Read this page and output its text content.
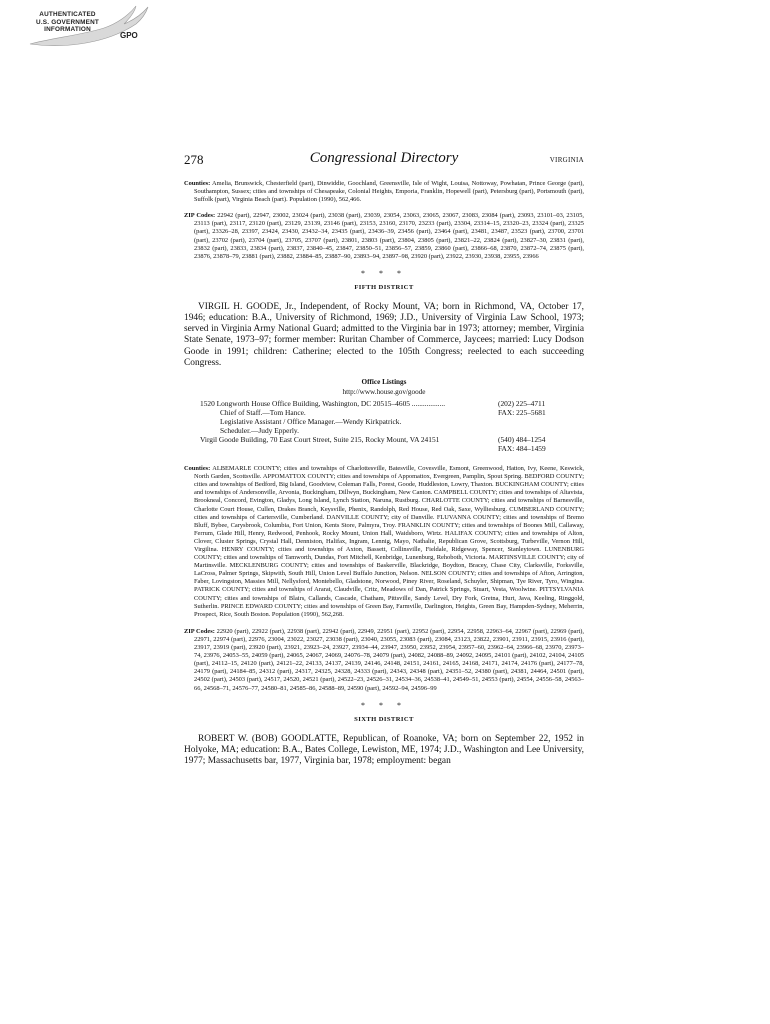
AUTHENTICATED
U.S. GOVERNMENT
INFORMATION
GPO
278	Congressional Directory	VIRGINIA

Counties: Amelia, Brunswick, Chesterfield (part), Dinwiddie, Goochland, Greensville, Isle of Wight, Louisa, Nottoway, Powhatan, Prince George (part), Southampton, Sussex; cities and townships of Chesapeake, Colonial Heights, Emporia, Franklin, Hopewell (part), Petersburg (part), Portsmouth (part), Suffolk (part), Virginia Beach (part). Population (1990), 562,466.

ZIP Codes: 22942 (part), 22947, 23002, 23024 (part), 23038 (part), 23039, 23054, 23063, 23065, 23067, 23083, 23084 (part), 23093, 23101–03, 23105, 23113 (part), 23117, 23120 (part), 23129, 23139, 23146 (part), 23153, 23160, 23170, 23233 (part), 23304, 23314–15, 23320–23, 23324 (part), 23325 (part), 23326–28, 23397, 23424, 23430, 23432–34, 23435 (part), 23436–39, 23456 (part), 23464 (part), 23481, 23487, 23523 (part), 23700, 23701 (part), 23702 (part), 23704 (part), 23705, 23707 (part), 23801, 23803 (part), 23804, 23805 (part), 23821–22, 23824 (part), 23827–30, 23831 (part), 23832 (part), 23833, 23834 (part), 23837, 23840–45, 23847, 23850–51, 23856–57, 23859, 23860 (part), 23866–68, 23870, 23872–74, 23875 (part), 23876, 23878–79, 23881 (part), 23882, 23884–85, 23887–90, 23893–94, 23897–98, 23920 (part), 23922, 23930, 23938, 23955, 23966

* * *
FIFTH DISTRICT

VIRGIL H. GOODE, Jr., Independent, of Rocky Mount, VA; born in Richmond, VA, October 17, 1946; education: B.A., University of Richmond, 1969; J.D., University of Virginia Law School, 1973; served in Virginia Army National Guard; admitted to the Virginia bar in 1973; attorney; member, Virginia State Senate, 1973–97; former member: Ruritan Chamber of Commerce, Jaycees; married: Lucy Dodson Goode in 1991; children: Catherine; elected to the 105th Congress; reelected to each succeeding Congress.

Office Listings
http://www.house.gov/goode
1520 Longworth House Office Building, Washington, DC 20515–4605 ..................	(202) 225–4711
Chief of Staff.—Tom Hance.	FAX: 225–5681
Legislative Assistant / Office Manager.—Wendy Kirkpatrick.
Scheduler.—Judy Epperly.
Virgil Goode Building, 70 East Court Street, Suite 215, Rocky Mount, VA 24151	(540) 484–1254
FAX: 484–1459

Counties: ALBEMARLE COUNTY; cities and townships of Charlottesville, Batesville, Covesville, Esmont, Greenwood, Hatton, Ivy, Keene, Keswick, North Garden, Scottsville. APPOMATTOX COUNTY; cities and townships of Appomattox, Evergreen, Pamplin, Spout Spring. BEDFORD COUNTY; cities and townships of Bedford, Big Island, Goodview, Coleman Falls, Forest, Goode, Huddleston, Lowry, Thaxton. BUCKINGHAM COUNTY; cities and townships of Andersonville, Arvonia, Buckingham, Dillwyn, Buckingham, New Canton. CAMPBELL COUNTY; cities and townships of Altavista, Brookneal, Concord, Evington, Gladys, Long Island, Lynch Station, Naruna, Rustburg. CHARLOTTE COUNTY; cities and townships of Barnesville, Charlotte Court House, Cullen, Drakes Branch, Keysville, Phenix, Randolph, Red House, Red Oak, Saxe, Wylliesburg. CUMBERLAND COUNTY; cities and townships of Cartersville, Cumberland. DANVILLE COUNTY; city of Danville. FLUVANNA COUNTY; cities and townships of Bremo Bluff, Bybee, Carysbrook, Columbia, Fort Union, Kents Store, Palmyra, Troy. FRANKLIN COUNTY; cities and townships of Boones Mill, Callaway, Ferrum, Glade Hill, Henry, Redwood, Penhook, Rocky Mount, Union Hall, Waidsboro, Wirtz. HALIFAX COUNTY; cities and townships of Alton, Clover, Cluster Springs, Crystal Hall, Denniston, Halifax, Ingram, Lennig, Mayo, Nathalie, Republican Grove, Scottsburg, Turbeville, Vernon Hill, Virgilina. HENRY COUNTY; cities and townships of Axton, Bassett, Collinsville, Fieldale, Ridgeway, Spencer, Stanleytown. LUNENBURG COUNTY; cities and townships of Tamworth, Dundas, Fort Mitchell, Kenbridge, Lunenburg, Rehoboth, Victoria. MARTINSVILLE COUNTY; city of Martinsville. MECKLENBURG COUNTY; cities and townships of Baskerville, Blackridge, Boydton, Bracey, Chase City, Clarksville, Forksville, LaCross, Palmer Springs, Skipwith, South Hill, Union Level Buffalo Junction, Nelson. NELSON COUNTY; cities and townships of Afton, Arrington, Faber, Lovingston, Massies Mill, Nellysford, Montebello, Gladstone, Norwood, Piney River, Roseland, Schuyler, Shipman, Tye River, Tyro, Wingina. PATRICK COUNTY; cities and townships of Ararat, Claudville, Critz, Meadows of Dan, Patrick Springs, Stuart, Vesta, Woolwine. PITTSYLVANIA COUNTY; cities and townships of Blairs, Callands, Cascade, Chatham, Pittsville, Sandy Level, Dry Fork, Gretna, Hurt, Java, Keeling, Ringgold, Sutherlin. PRINCE EDWARD COUNTY; cities and townships of Green Bay, Farmville, Darlington, Heights, Green Bay, Hampden-Sydney, Meherrin, Prospect, Rice, South Boston. Population (1990), 562,268.

ZIP Codes: 22920 (part), 22922 (part), 22938 (part), 22942 (part), 22949, 22951 (part), 22952 (part), 22954, 22958, 22963–64, 22967 (part), 22969 (part), 22971, 22974 (part), 22976, 23004, 23022, 23027, 23038 (part), 23040, 23055, 23083 (part), 23084, 23123, 23822, 23901, 23911, 23915, 23916 (part), 23917, 23919 (part), 23920 (part), 23921, 23923–24, 23927, 23934–44, 23947, 23950, 23952, 23954, 23957–60, 23962–64, 23966–68, 23970, 23973–74, 23976, 24053–55, 24059 (part), 24065, 24067, 24069, 24076–78, 24079 (part), 24082, 24088–89, 24092, 24095, 24101 (part), 24102, 24104, 24105 (part), 24112–15, 24120 (part), 24121–22, 24133, 24137, 24139, 24146, 24148, 24151, 24161, 24165, 24168, 24171, 24174, 24176 (part), 24177–78, 24179 (part), 24184–85, 24312 (part), 24317, 24325, 24328, 24333 (part), 24343, 24348 (part), 24351–52, 24380 (part), 24381, 24464, 24501 (part), 24502 (part), 24503 (part), 24517, 24520, 24521 (part), 24522–23, 24526–31, 24534–36, 24538–41, 24549–51, 24553 (part), 24554, 24556–58, 24563–66, 24568–71, 24576–77, 24580–81, 24585–86, 24588–89, 24590 (part), 24592–94, 24596–99

* * *
SIXTH DISTRICT

ROBERT W. (BOB) GOODLATTE, Republican, of Roanoke, VA; born on September 22, 1952 in Holyoke, MA; education: B.A., Bates College, Lewiston, ME, 1974; J.D., Washington and Lee University, 1977; Massachusetts bar, 1977, Virginia bar, 1978; employment: began
